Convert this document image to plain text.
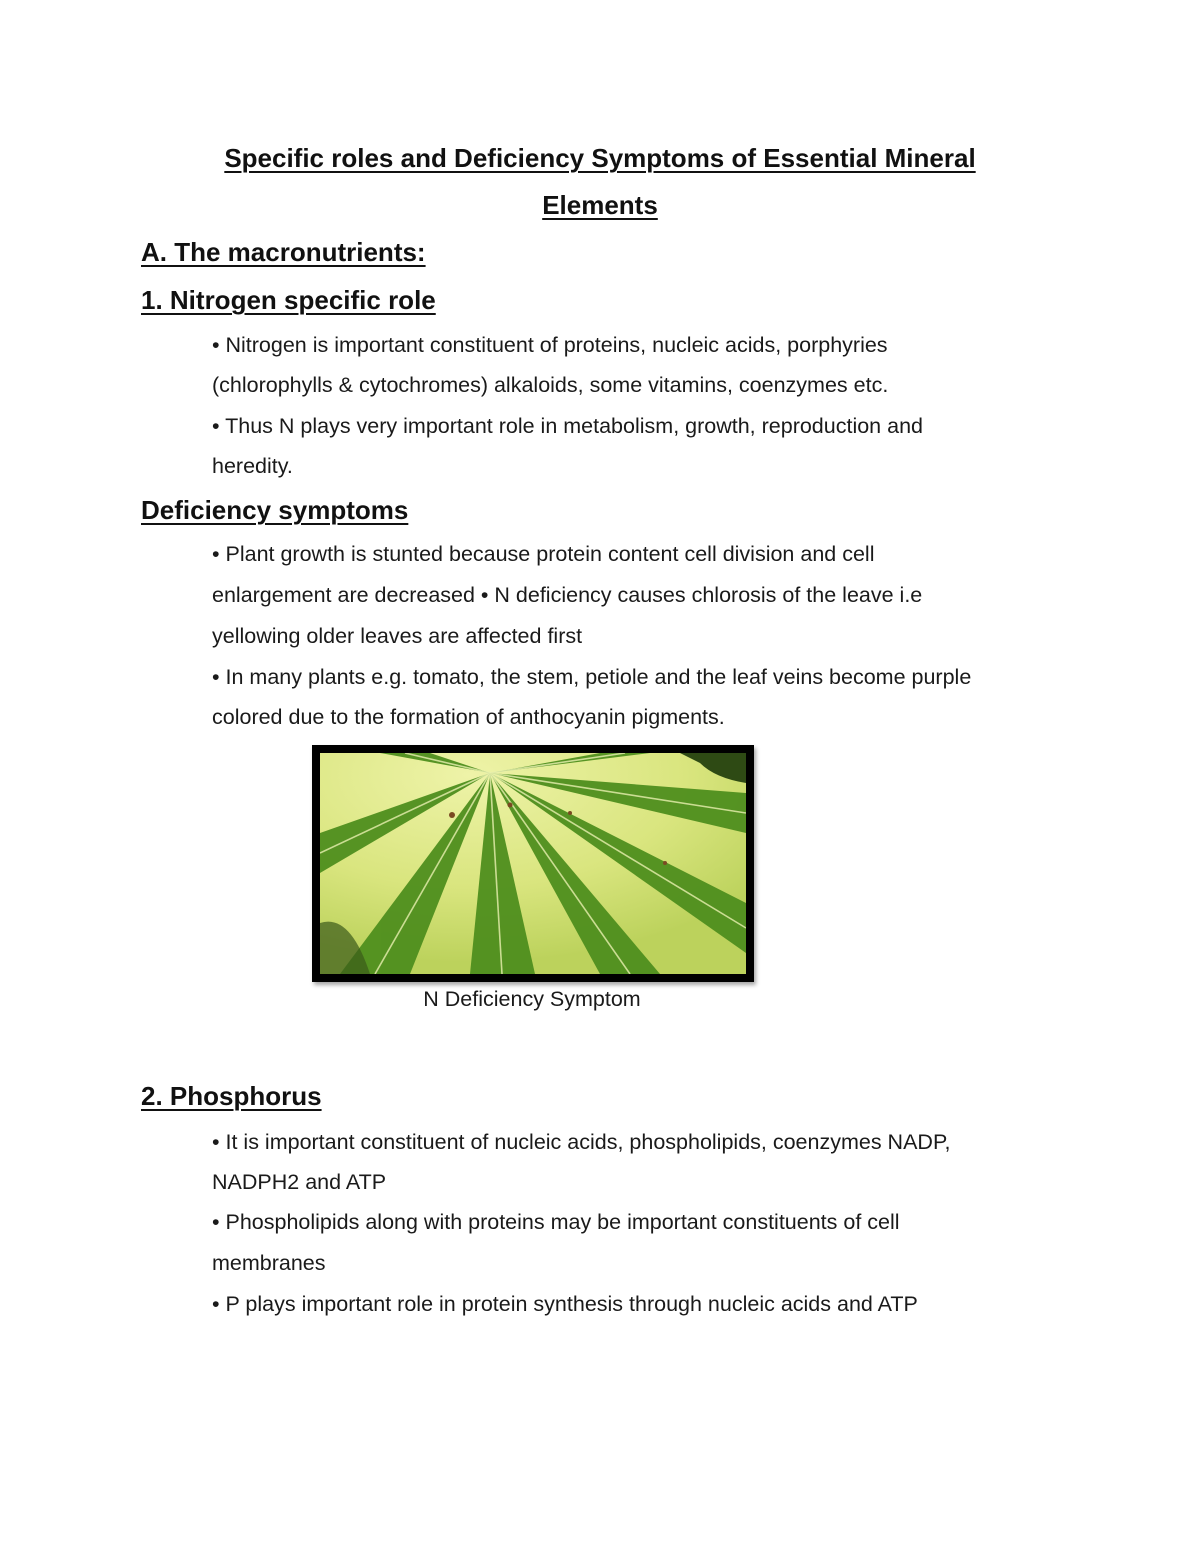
Specific roles and Deficiency Symptoms of Essential Mineral
Elements
A. The macronutrients:
1. Nitrogen specific role
• Nitrogen is important constituent of proteins, nucleic acids, porphyries
(chlorophylls & cytochromes) alkaloids, some vitamins, coenzymes etc.
• Thus N plays very important role in metabolism, growth, reproduction and
heredity.
Deficiency symptoms
• Plant growth is stunted because protein content cell division and cell
enlargement are decreased • N deficiency causes chlorosis of the leave i.e
yellowing older leaves are affected first
• In many plants e.g. tomato, the stem, petiole and the leaf veins become purple
colored due to the formation of anthocyanin pigments.
N Deficiency Symptom
2. Phosphorus
• It is important constituent of nucleic acids, phospholipids, coenzymes NADP,
NADPH2 and ATP
• Phospholipids along with proteins may be important constituents of cell
membranes
• P plays important role in protein synthesis through nucleic acids and ATP
